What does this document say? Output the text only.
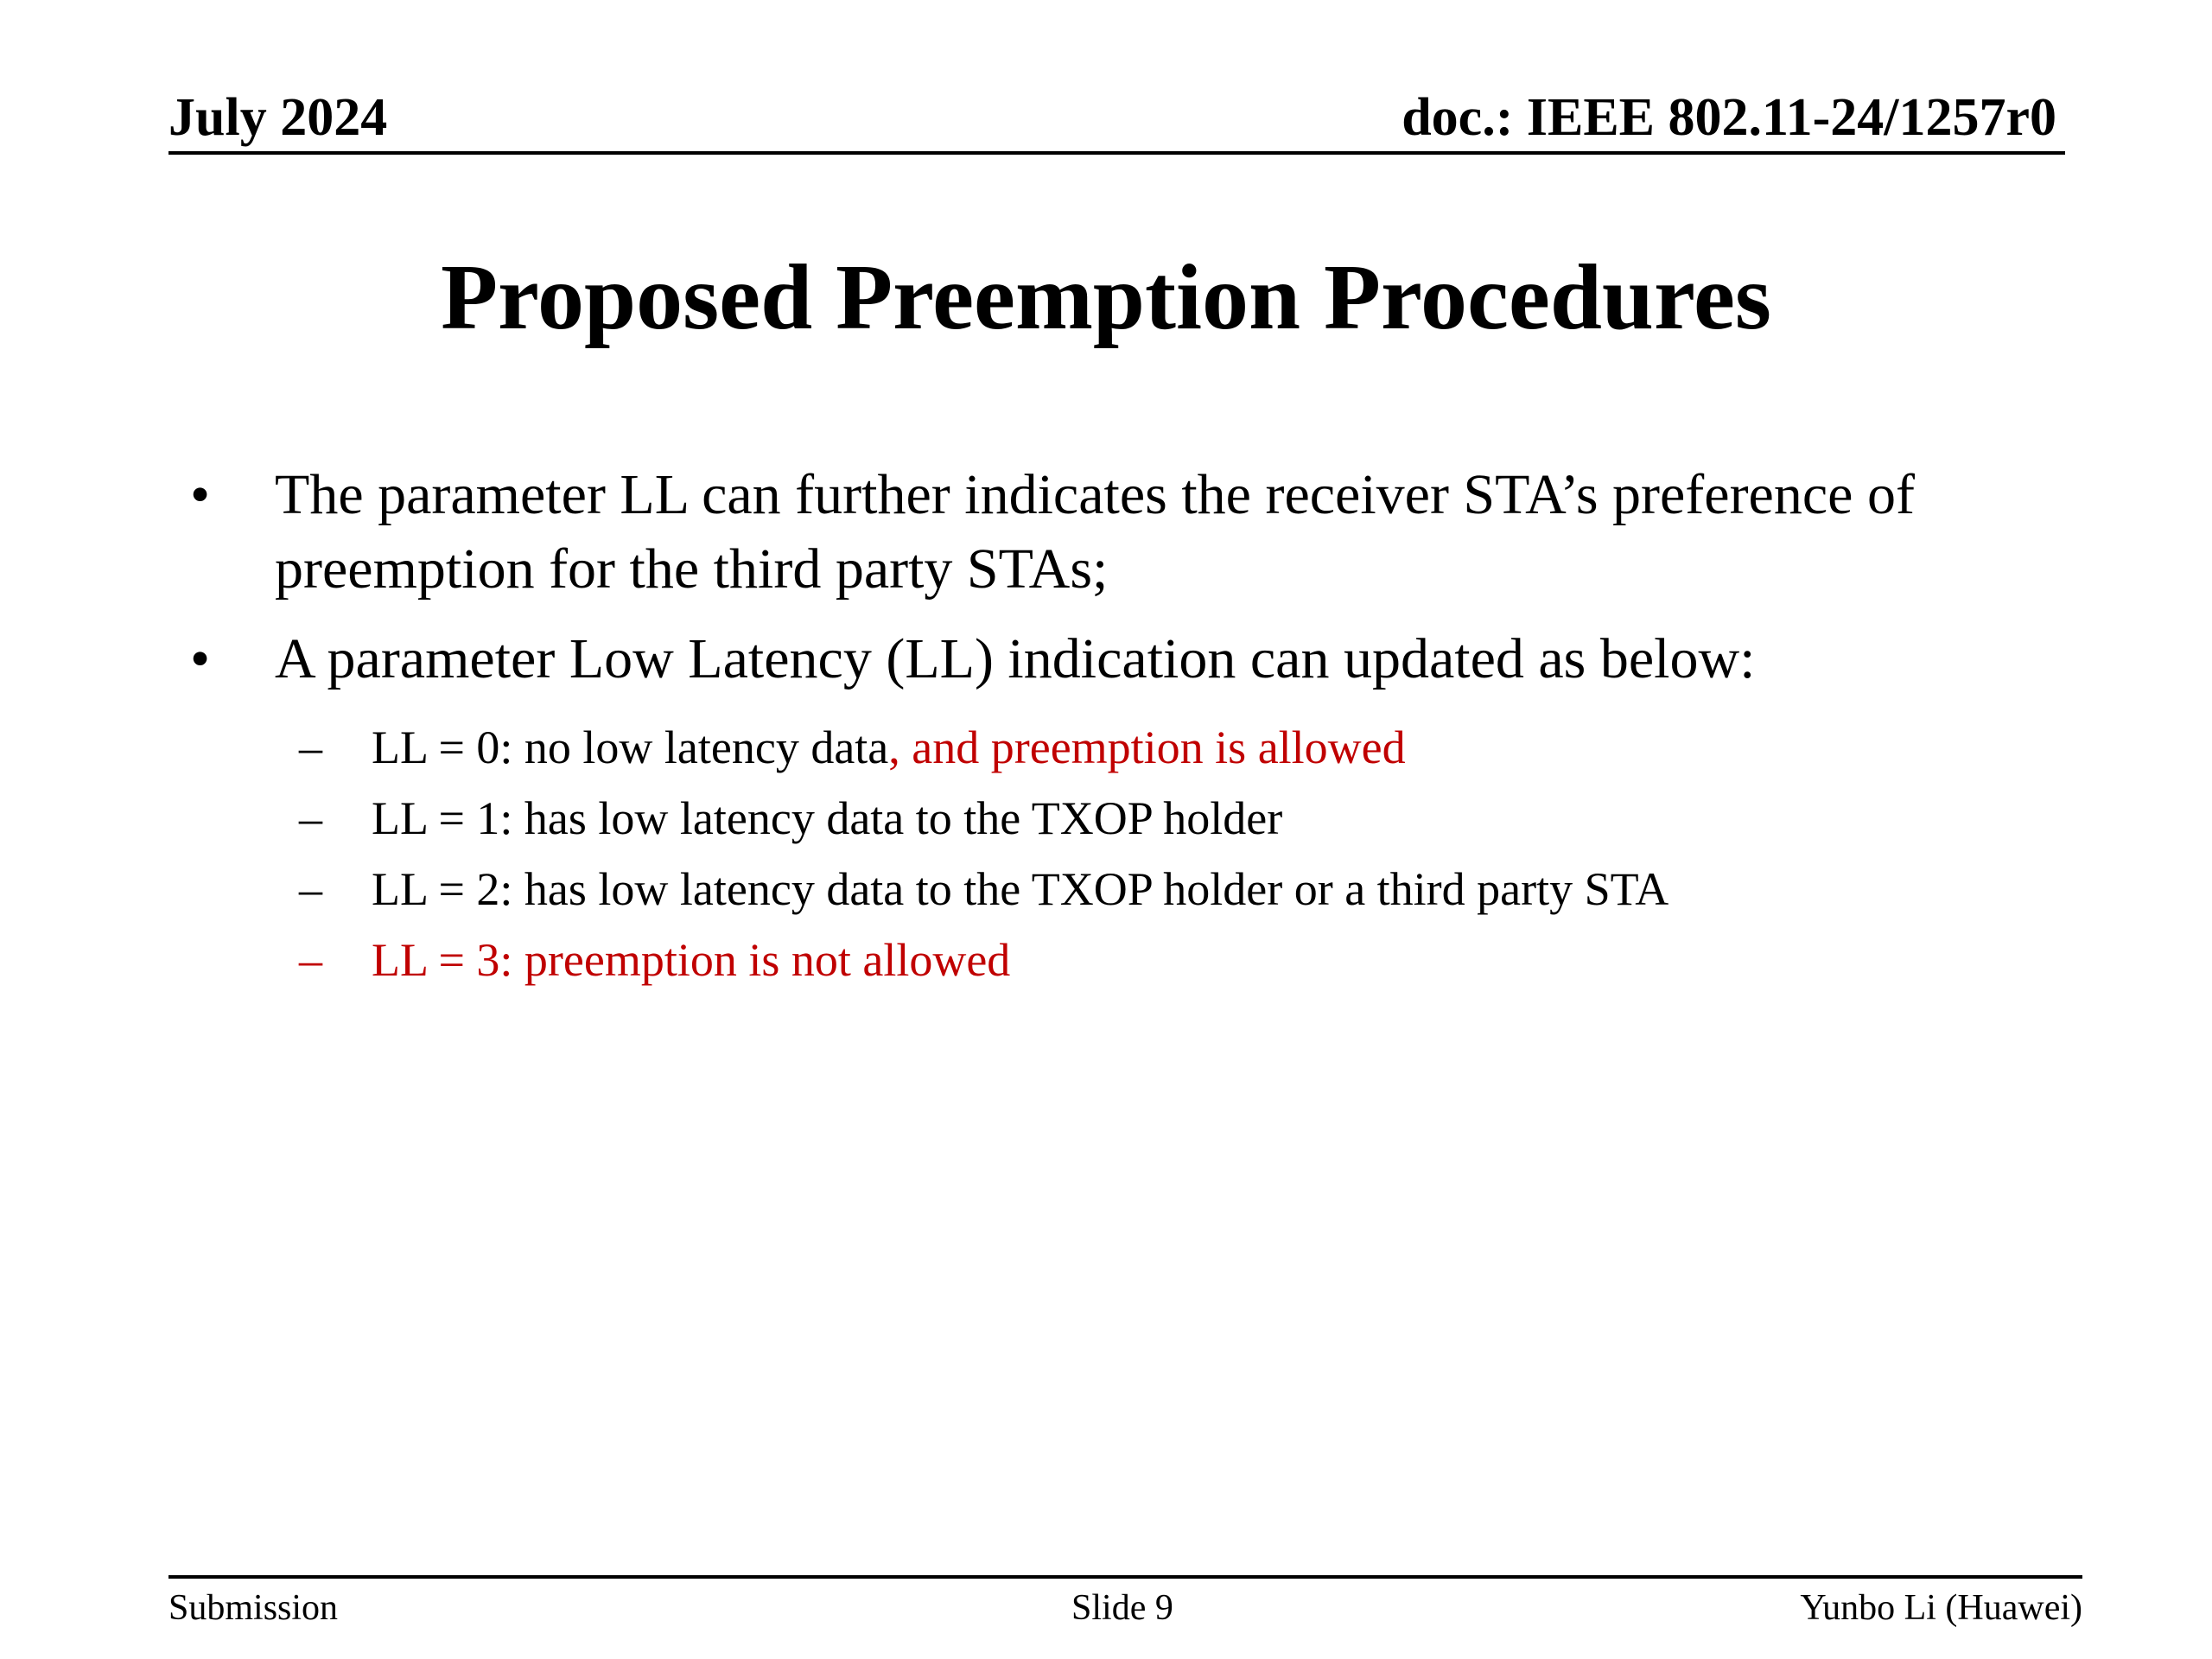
July 2024	doc.: IEEE 802.11-24/1257r0
Proposed Preemption Procedures
• The parameter LL can further indicates the receiver STA’s preference of preemption for the third party STAs;
• A parameter Low Latency (LL) indication can updated as below:
– LL = 0: no low latency data, and preemption is allowed
– LL = 1: has low latency data to the TXOP holder
– LL = 2: has low latency data to the TXOP holder or a third party STA
– LL = 3: preemption is not allowed
Submission	Slide 9	Yunbo Li (Huawei)
